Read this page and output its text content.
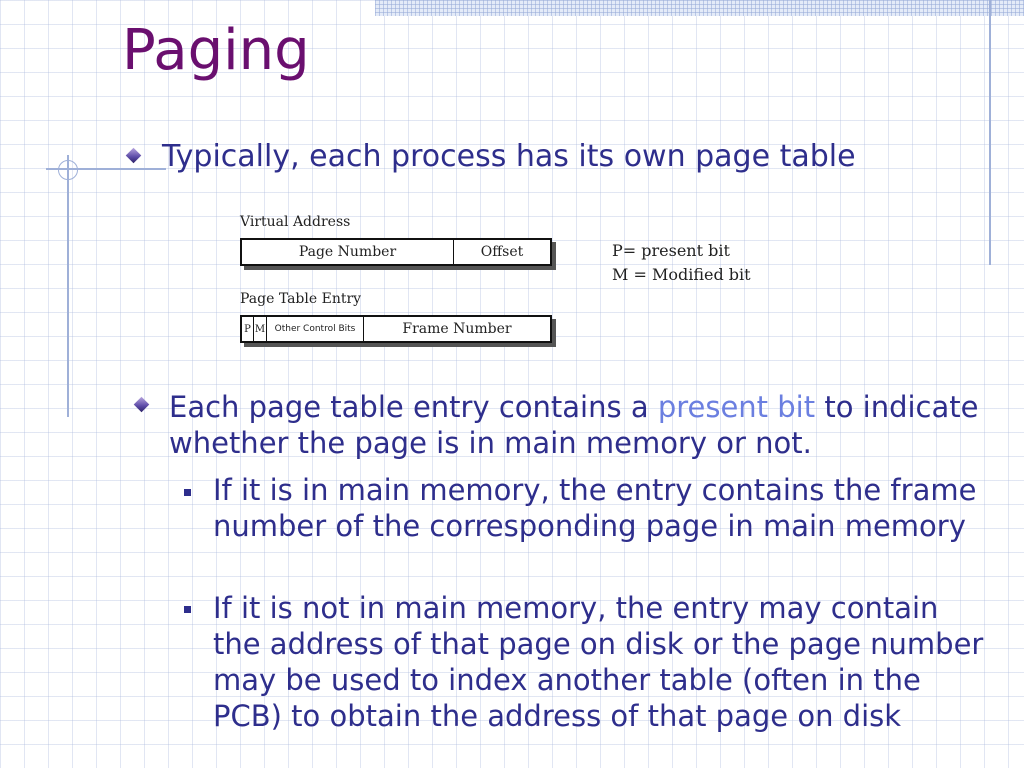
Paging
Typically, each process has its own page table
Virtual Address
Page Number	Offset
Page Table Entry
P M	Other Control Bits	Frame Number
P= present bit
M = Modified bit
Each page table entry contains a present bit to indicate whether the page is in main memory or not.
If it is in main memory, the entry contains the frame number of the corresponding page in main memory
If it is not in main memory, the entry may contain the address of that page on disk or the page number may be used to index another table (often in the PCB) to obtain the address of that page on disk
